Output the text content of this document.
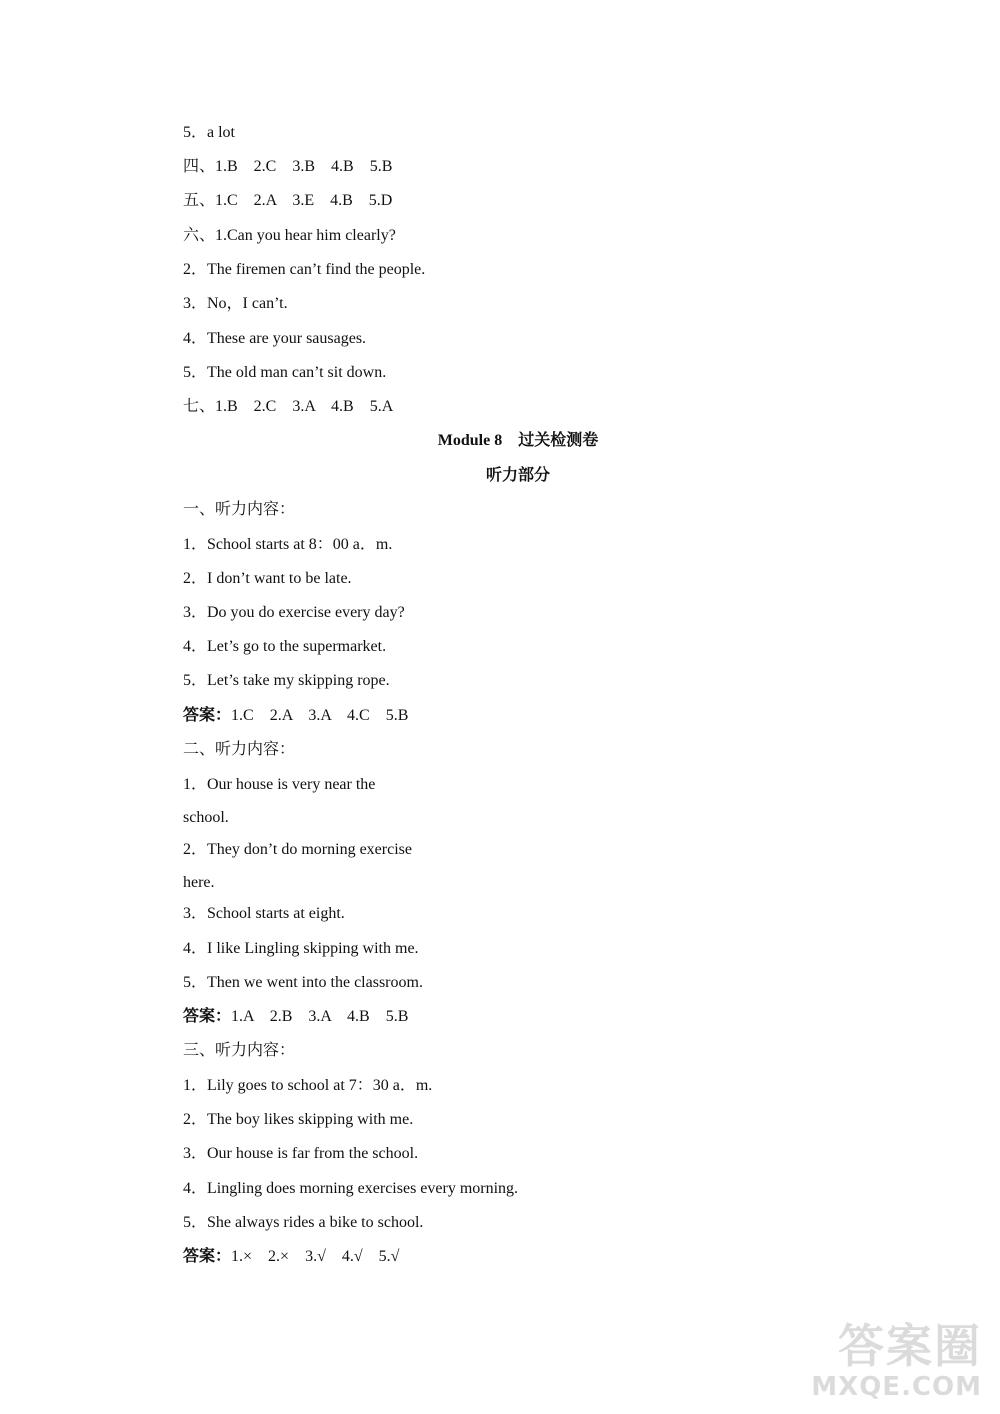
5．a lot
四、1.B　2.C　3.B　4.B　5.B
五、1.C　2.A　3.E　4.B　5.D
六、1.Can you hear him clearly?
2．The firemen can’t find the people.
3．No，I can’t.
4．These are your sausages.
5．The old man can’t sit down.
七、1.B　2.C　3.A　4.B　5.A
Module 8　过关检测卷
听力部分
一、听力内容：
1．School starts at 8：00 a．m.
2．I don’t want to be late.
3．Do you do exercise every day?
4．Let’s go to the supermarket.
5．Let’s take my skipping rope.
答案：1.C　2.A　3.A　4.C　5.B
二、听力内容：
1．Our house is very near the
school.
2．They don’t do morning exercise
here.
3．School starts at eight.
4．I like Lingling skipping with me.
5．Then we went into the classroom.
答案：1.A　2.B　3.A　4.B　5.B
三、听力内容：
1．Lily goes to school at 7：30 a．m.
2．The boy likes skipping with me.
3．Our house is far from the school.
4．Lingling does morning exercises every morning.
5．She always rides a bike to school.
答案：1.×　2.×　3.√　4.√　5.√
答案圈
MXQE.COM
